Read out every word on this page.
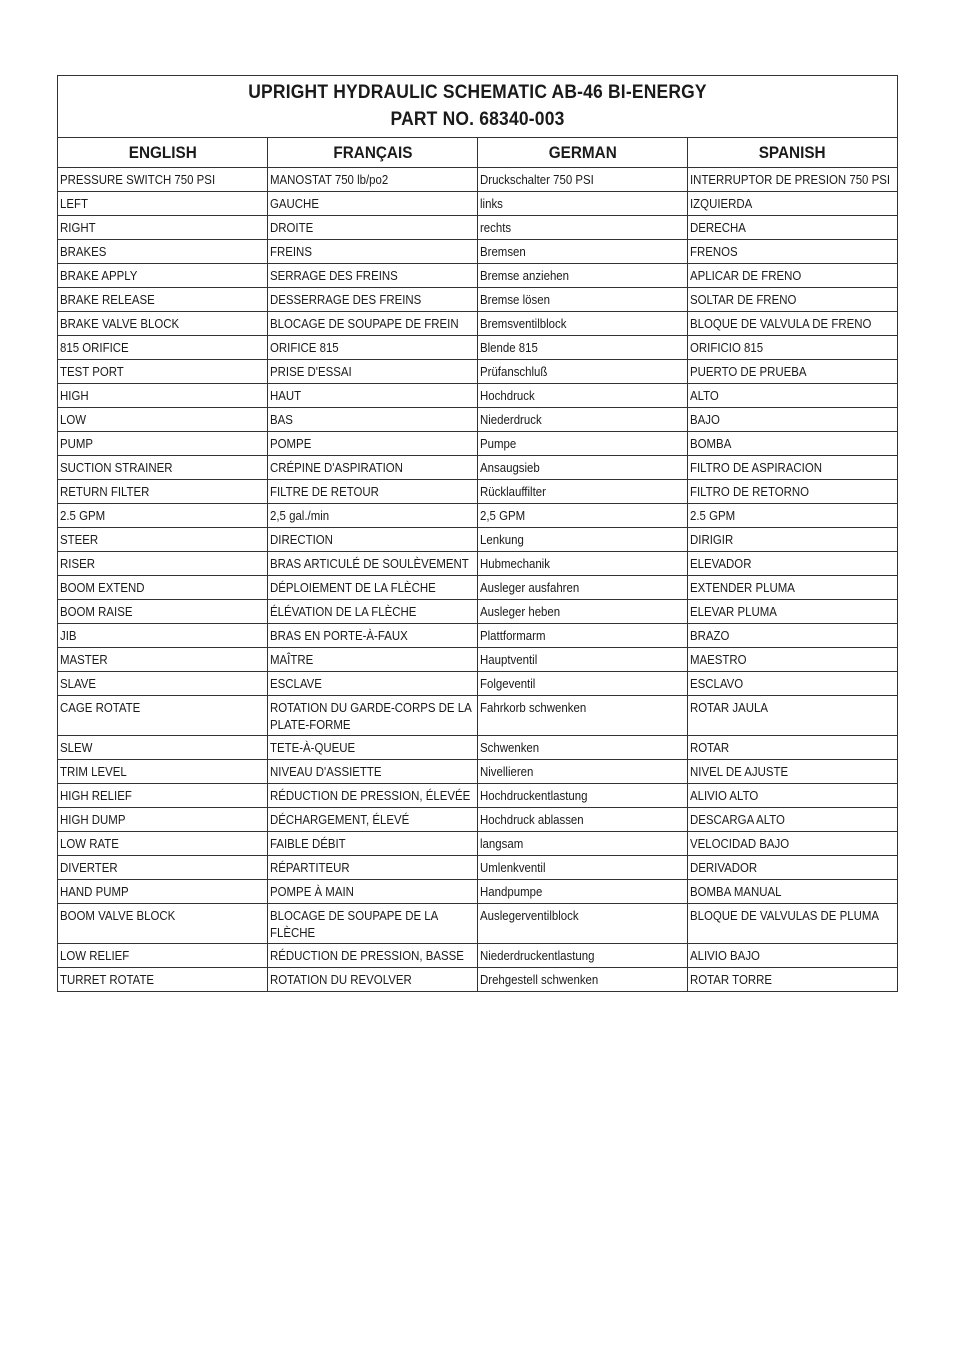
UPRIGHT HYDRAULIC SCHEMATIC AB-46 BI-ENERGY
PART NO. 68340-003			

ENGLISH	FRANÇAIS	GERMAN	SPANISH
PRESSURE SWITCH 750 PSI	MANOSTAT 750 lb/po2	Druckschalter 750 PSI	INTERRUPTOR DE PRESION 750 PSI
LEFT	GAUCHE	links	IZQUIERDA
RIGHT	DROITE	rechts	DERECHA
BRAKES	FREINS	Bremsen	FRENOS
BRAKE APPLY	SERRAGE DES FREINS	Bremse anziehen	APLICAR DE FRENO
BRAKE RELEASE	DESSERRAGE DES FREINS	Bremse lösen	SOLTAR DE FRENO
BRAKE VALVE BLOCK	BLOCAGE DE SOUPAPE DE FREIN	Bremsventilblock	BLOQUE DE VALVULA DE FRENO
815 ORIFICE	ORIFICE 815	Blende 815	ORIFICIO 815
TEST PORT	PRISE D'ESSAI	Prüfanschluß	PUERTO DE PRUEBA
HIGH	HAUT	Hochdruck	ALTO
LOW	BAS	Niederdruck	BAJO
PUMP	POMPE	Pumpe	BOMBA
SUCTION STRAINER	CRÉPINE D'ASPIRATION	Ansaugsieb	FILTRO DE ASPIRACION
RETURN FILTER	FILTRE DE RETOUR	Rücklauffilter	FILTRO DE RETORNO
2.5 GPM	2,5 gal./min	2,5 GPM	2.5 GPM
STEER	DIRECTION	Lenkung	DIRIGIR
RISER	BRAS ARTICULÉ DE SOULÈVEMENT	Hubmechanik	ELEVADOR
BOOM EXTEND	DÉPLOIEMENT DE LA FLÈCHE	Ausleger ausfahren	EXTENDER PLUMA
BOOM RAISE	ÉLÉVATION DE LA FLÈCHE	Ausleger heben	ELEVAR PLUMA
JIB	BRAS EN PORTE-À-FAUX	Plattformarm	BRAZO
MASTER	MAÎTRE	Hauptventil	MAESTRO
SLAVE	ESCLAVE	Folgeventil	ESCLAVO
CAGE ROTATE	ROTATION DU GARDE-CORPS DE LA PLATE-FORME	Fahrkorb schwenken	ROTAR JAULA
SLEW	TETE-À-QUEUE	Schwenken	ROTAR
TRIM LEVEL	NIVEAU D'ASSIETTE	Nivellieren	NIVEL DE AJUSTE
HIGH RELIEF	RÉDUCTION DE PRESSION, ÉLEVÉE	Hochdruckentlastung	ALIVIO ALTO
HIGH DUMP	DÉCHARGEMENT, ÉLEVÉ	Hochdruck ablassen	DESCARGA ALTO
LOW RATE	FAIBLE DÉBIT	langsam	VELOCIDAD BAJO
DIVERTER	RÉPARTITEUR	Umlenkventil	DERIVADOR
HAND PUMP	POMPE À MAIN	Handpumpe	BOMBA MANUAL
BOOM VALVE BLOCK	BLOCAGE DE SOUPAPE DE LA FLÈCHE	Auslegerventilblock	BLOQUE DE VALVULAS DE PLUMA
LOW RELIEF	RÉDUCTION DE PRESSION, BASSE	Niederdruckentlastung	ALIVIO BAJO
TURRET ROTATE	ROTATION DU REVOLVER	Drehgestell schwenken	ROTAR TORRE
